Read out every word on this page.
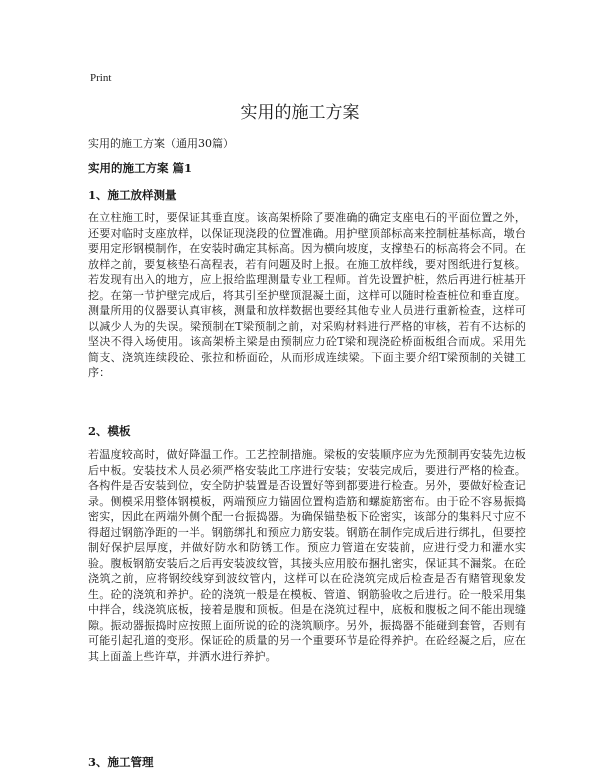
Print
实用的施工方案

实用的施工方案（通用30篇）

实用的施工方案 篇1
1、施工放样测量

在立柱施工时，要保证其垂直度。该高架桥除了要准确的确定支座电石的平面位置之外，还要对临时支座放样，以保证现浇段的位置准确。用护壁顶部标高来控制桩基标高，墩台要用定形钢模制作，在安装时确定其标高。因为横向坡度，支撑垫石的标高将会不同。在放样之前，要复核垫石高程表，若有问题及时上报。在施工放样线，要对图纸进行复核。若发现有出入的地方，应上报给监理测量专业工程师。首先设置护桩，然后再进行桩基开挖。在第一节护壁完成后，将其引至护壁顶混凝土面，这样可以随时检查桩位和垂直度。测量所用的仪器要认真审核，测量和放样数据也要经其他专业人员进行重新检查，这样可以减少人为的失误。梁预制在T梁预制之前，对采购材料进行严格的审核，若有不达标的坚决不得入场使用。该高架桥主梁是由预制应力砼T梁和现浇砼桥面板组合而成。采用先简支、浇筑连续段砼、张拉和桥面砼，从而形成连续梁。下面主要介绍T梁预制的关键工序：

2、模板

若温度较高时，做好降温工作。工艺控制措施。梁板的安装顺序应为先预制再安装先边板后中板。安装技术人员必须严格安装此工序进行安装；安装完成后，要进行严格的检查。各构件是否安装到位，安全防护装置是否设置好等到都要进行检查。另外，要做好检查记录。侧模采用整体钢模板，两端预应力锚固位置构造筋和螺旋筋密布。由于砼不容易振捣密实，因此在两端外侧个配一台振捣器。为确保锚垫板下砼密实，该部分的集料尺寸应不得超过钢筋净距的一半。钢筋绑扎和预应力筋安装。钢筋在制作完成后进行绑扎，但要控制好保护层厚度，并做好防水和防锈工作。预应力管道在安装前，应进行受力和灌水实验。腹板钢筋安装后之后再安装波纹管，其接头应用胶布捆扎密实，保证其不漏浆。在砼浇筑之前，应将钢绞线穿到波纹管内，这样可以在砼浇筑完成后检查是否有赌管现象发生。砼的浇筑和养护。砼的浇筑一般是在模板、管道、钢筋验收之后进行。砼一般采用集中拌合，线浇筑底板，接着是腹和顶板。但是在浇筑过程中，底板和腹板之间不能出现缝隙。振动器振捣时应按照上面所说的砼的浇筑顺序。另外，振捣器不能碰到套管，否则有可能引起孔道的变形。保证砼的质量的另一个重要环节是砼得养护。在砼经凝之后，应在其上面盖上些许草，并洒水进行养护。

3、施工管理
